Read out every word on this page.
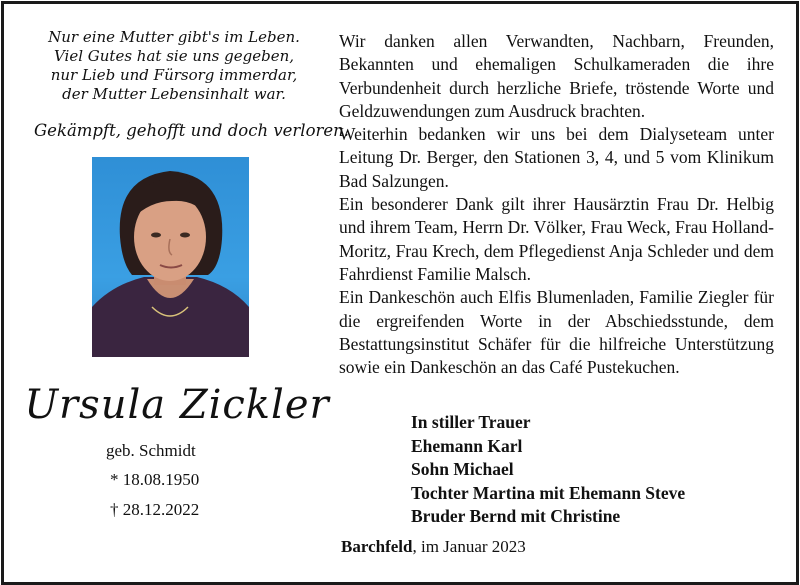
Nur eine Mutter gibt's im Leben.
Viel Gutes hat sie uns gegeben,
nur Lieb und Fürsorg immerdar,
der Mutter Lebensinhalt war.
Gekämpft, gehofft und doch verloren.
Ursula Zickler
geb. Schmidt
* 18.08.1950
† 28.12.2022

Wir danken allen Verwandten, Nachbarn, Freunden, Bekannten und ehemaligen Schulkameraden die ihre Verbundenheit durch herzliche Briefe, tröstende Worte und Geldzuwendungen zum Ausdruck brachten.

Weiterhin bedanken wir uns bei dem Dialyseteam unter Leitung Dr. Berger, den Stationen 3, 4, und 5 vom Klinikum Bad Salzungen.

Ein besonderer Dank gilt ihrer Hausärztin Frau Dr. Helbig und ihrem Team, Herrn Dr. Völker, Frau Weck, Frau Holland-Moritz, Frau Krech, dem Pflegedienst Anja Schleder und dem Fahrdienst Familie Malsch.

Ein Dankeschön auch Elfis Blumenladen, Familie Ziegler für die ergreifenden Worte in der Abschiedsstunde, dem Bestattungsinstitut Schäfer für die hilfreiche Unterstützung sowie ein Dankeschön an das Café Pustekuchen.

In stiller Trauer
Ehemann Karl
Sohn Michael
Tochter Martina mit Ehemann Steve
Bruder Bernd mit Christine
Barchfeld, im Januar 2023
